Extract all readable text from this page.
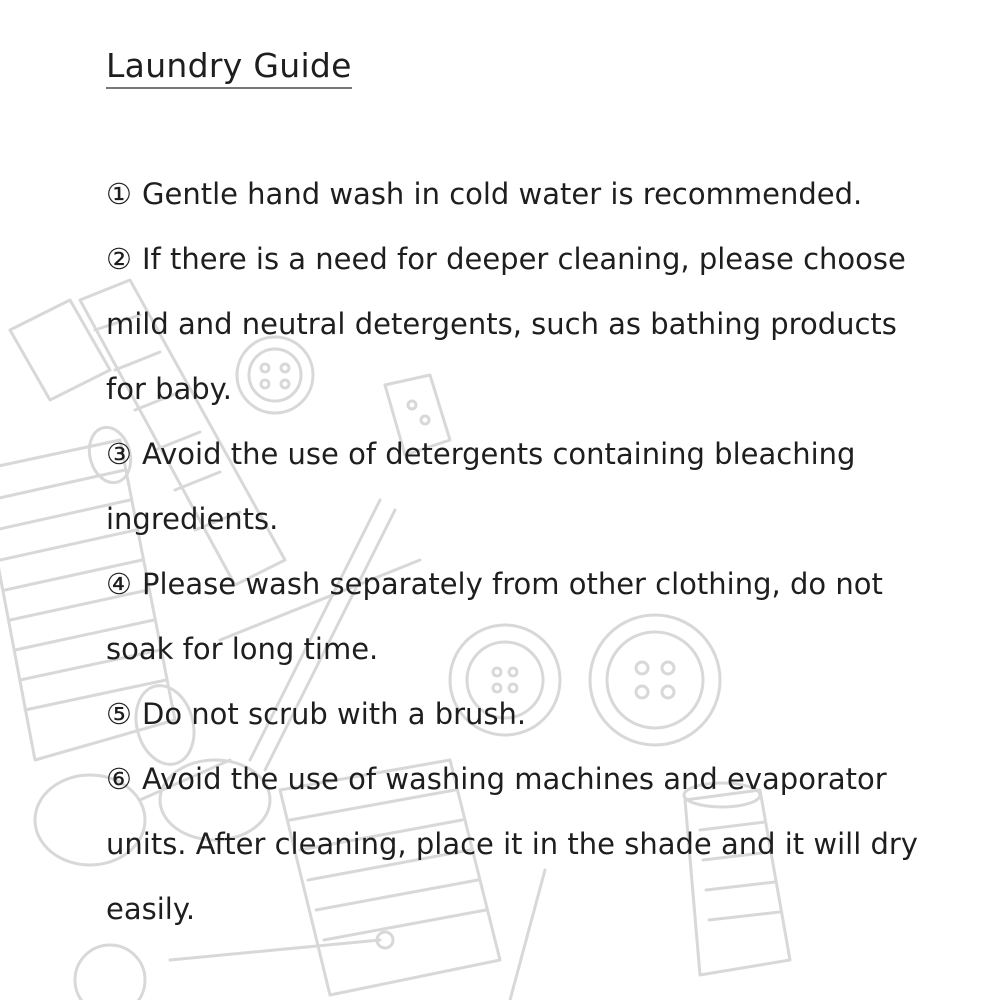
Laundry Guide
① Gentle hand wash in cold water is recommended.
② If there is a need for deeper cleaning, please choose mild and neutral detergents, such as bathing products for baby.
③ Avoid the use of detergents containing bleaching ingredients.
④ Please wash separately from other clothing, do not soak for long time.
⑤ Do not scrub with a brush.
⑥ Avoid the use of washing machines and evaporator units. After cleaning, place it in the shade and it will dry easily.
